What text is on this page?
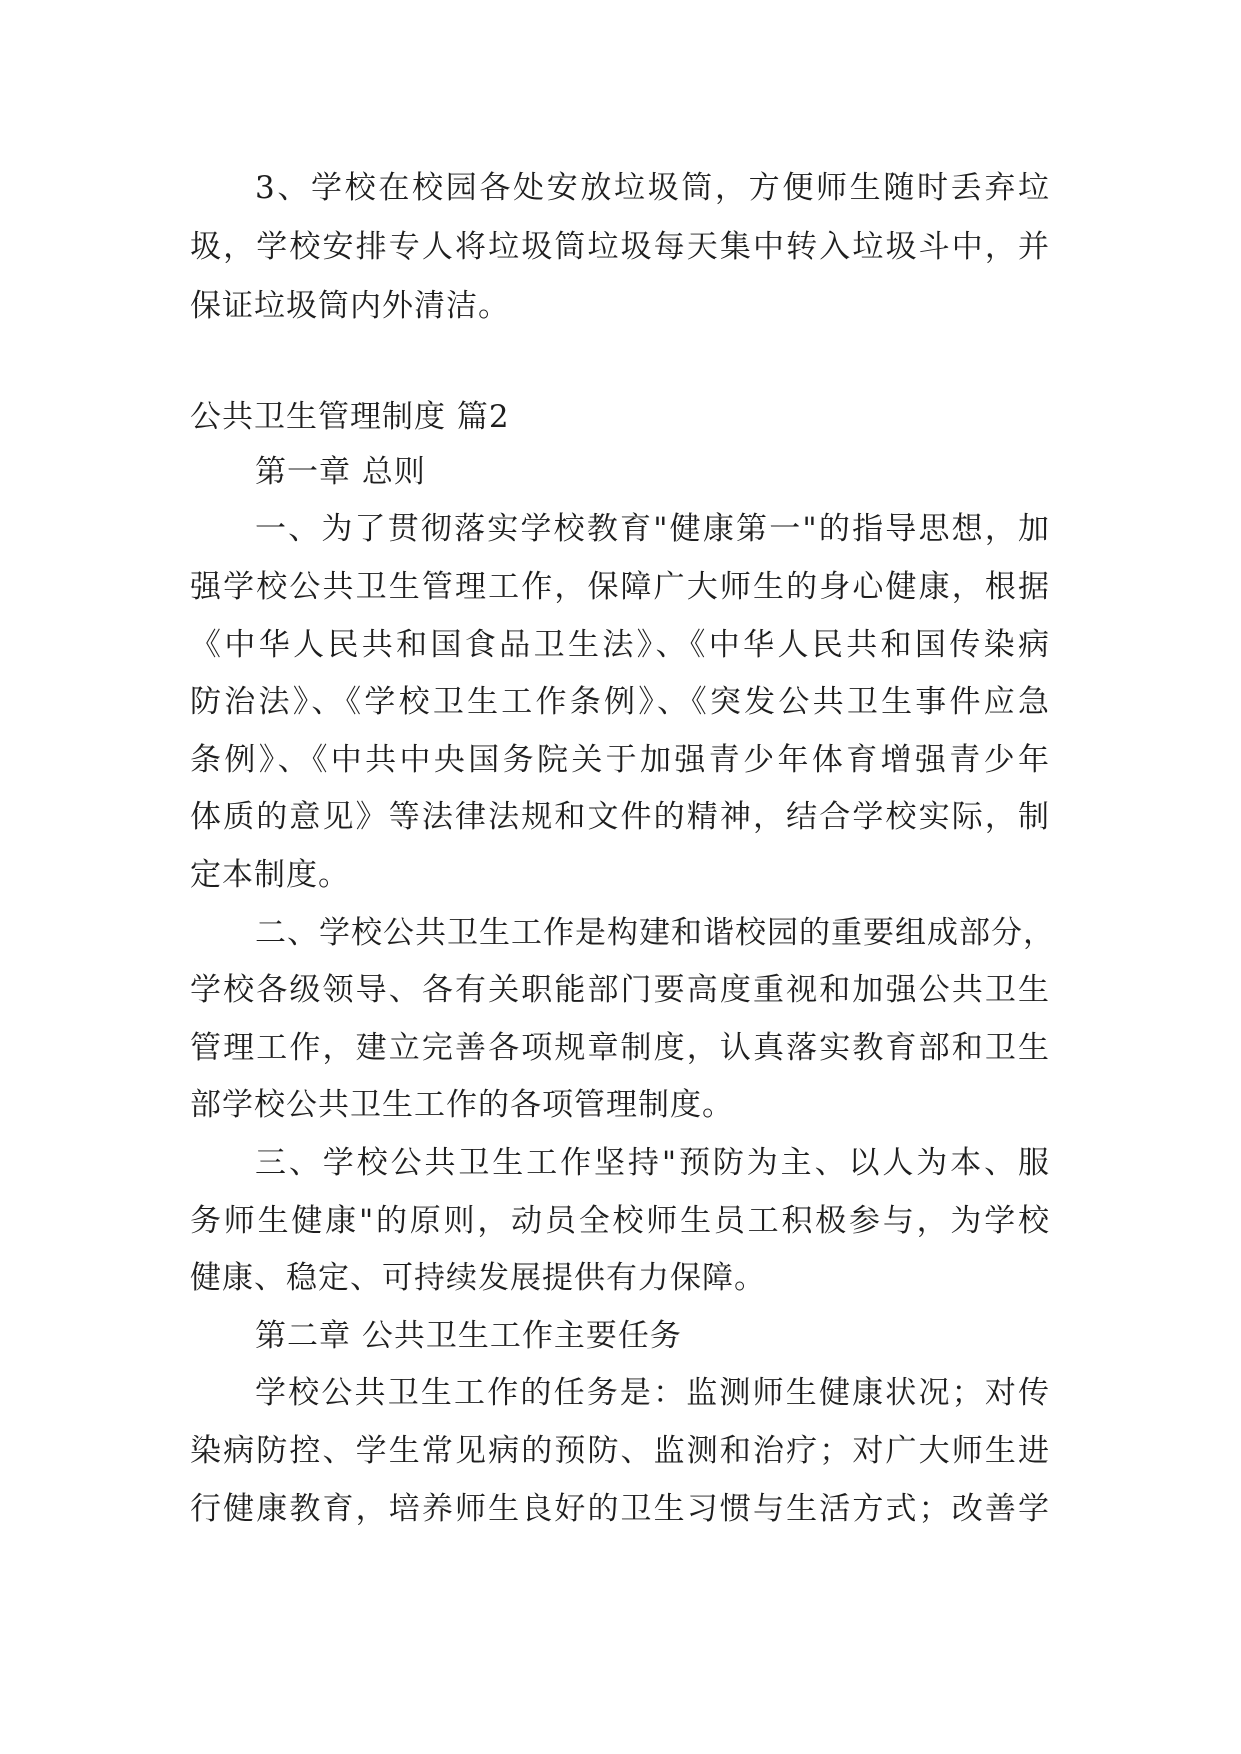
3、学校在校园各处安放垃圾筒，方便师生随时丢弃垃

圾，学校安排专人将垃圾筒垃圾每天集中转入垃圾斗中，并

保证垃圾筒内外清洁。

公共卫生管理制度 篇2

第一章 总则

一、为了贯彻落实学校教育"健康第一"的指导思想，加

强学校公共卫生管理工作，保障广大师生的身心健康，根据

《中华人民共和国食品卫生法》、《中华人民共和国传染病

防治法》、《学校卫生工作条例》、《突发公共卫生事件应急

条例》、《中共中央国务院关于加强青少年体育增强青少年

体质的意见》等法律法规和文件的精神，结合学校实际，制

定本制度。

二、学校公共卫生工作是构建和谐校园的重要组成部分，

学校各级领导、各有关职能部门要高度重视和加强公共卫生

管理工作，建立完善各项规章制度，认真落实教育部和卫生

部学校公共卫生工作的各项管理制度。

三、学校公共卫生工作坚持"预防为主、以人为本、服

务师生健康"的原则，动员全校师生员工积极参与，为学校

健康、稳定、可持续发展提供有力保障。

第二章 公共卫生工作主要任务

学校公共卫生工作的任务是：监测师生健康状况；对传

染病防控、学生常见病的预防、监测和治疗；对广大师生进

行健康教育，培养师生良好的卫生习惯与生活方式；改善学
